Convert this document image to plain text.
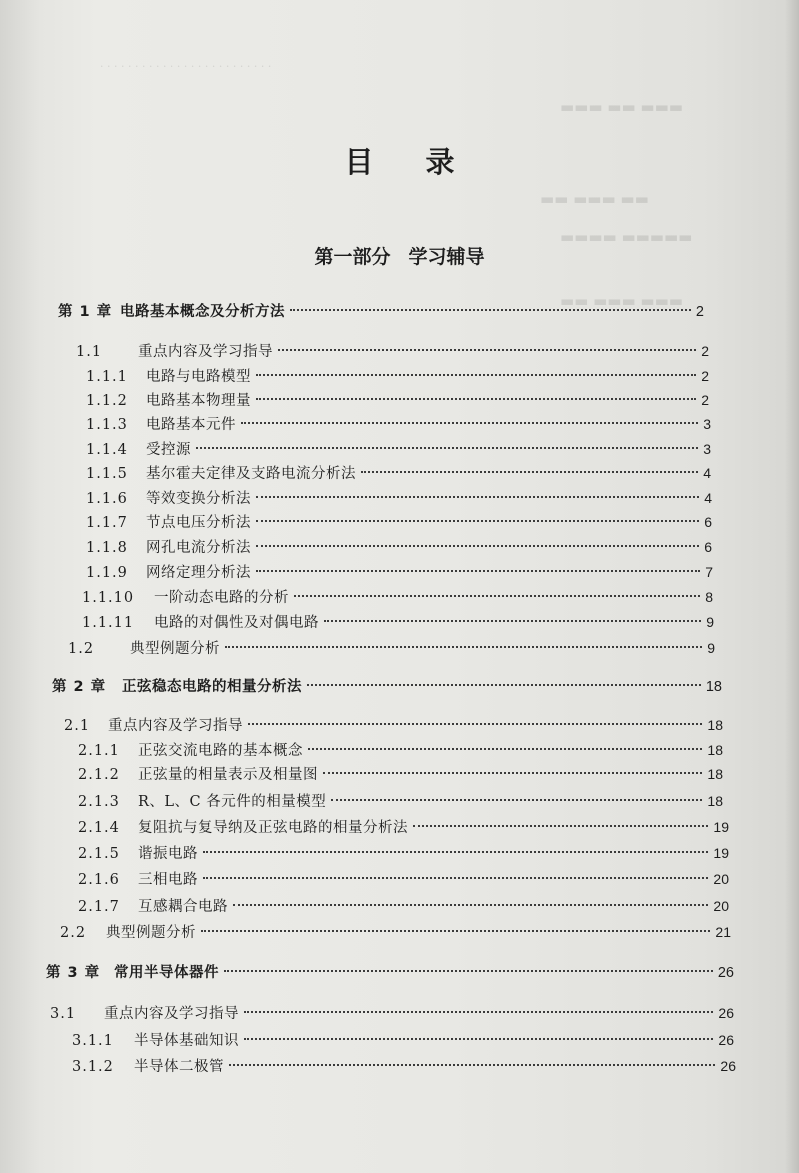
· · · · · · · · · · · · · · · · · · · · · · · · ·
▬▬▬ ▬▬ ▬▬▬
▬▬ ▬▬▬ ▬▬
▬▬▬▬ ▬▬▬▬▬
▬▬ ▬▬▬ ▬▬▬
目 录
第一部分 学习辅导
第 1 章 电路基本概念及分析方法	2
1.1	重点内容及学习指导	2
1.1.1	电路与电路模型	2
1.1.2	电路基本物理量	2
1.1.3	电路基本元件	3
1.1.4	受控源	3
1.1.5	基尔霍夫定律及支路电流分析法	4
1.1.6	等效变换分析法	4
1.1.7	节点电压分析法	6
1.1.8	网孔电流分析法	6
1.1.9	网络定理分析法	7
1.1.10	一阶动态电路的分析	8
1.1.11	电路的对偶性及对偶电路	9
1.2	典型例题分析	9
第 2 章	正弦稳态电路的相量分析法	18
2.1	重点内容及学习指导	18
2.1.1	正弦交流电路的基本概念	18
2.1.2	正弦量的相量表示及相量图	18
2.1.3	R、L、C 各元件的相量模型	18
2.1.4	复阻抗与复导纳及正弦电路的相量分析法	19
2.1.5	谐振电路	19
2.1.6	三相电路	20
2.1.7	互感耦合电路	20
2.2	典型例题分析	21
第 3 章 常用半导体器件	26
3.1	重点内容及学习指导	26
3.1.1	半导体基础知识	26
3.1.2	半导体二极管	26
